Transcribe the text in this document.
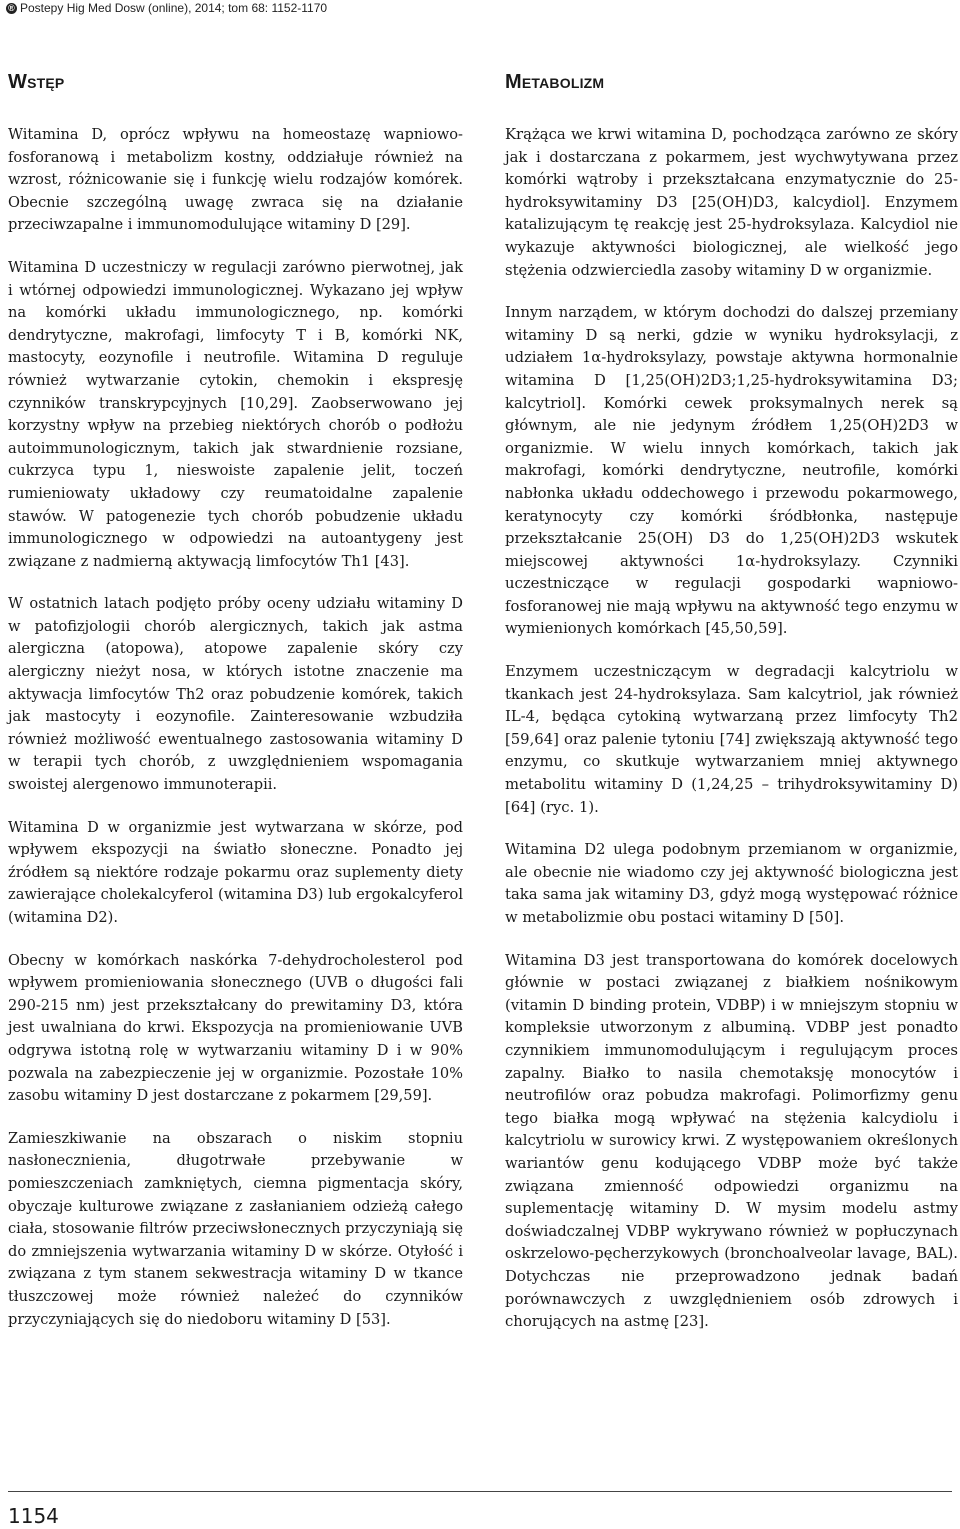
® Postepy Hig Med Dosw (online), 2014; tom 68: 1152-1170
Wstęp

Witamina D, oprócz wpływu na homeostazę wapniowo-fosforanową i metabolizm kostny, oddziałuje również na wzrost, różnicowanie się i funkcję wielu rodzajów komórek. Obecnie szczególną uwagę zwraca się na działanie przeciwzapalne i immunomodulujące witaminy D [29].

Witamina D uczestniczy w regulacji zarówno pierwotnej, jak i wtórnej odpowiedzi immunologicznej. Wykazano jej wpływ na komórki układu immunologicznego, np. komórki dendrytyczne, makrofagi, limfocyty T i B, komórki NK, mastocyty, eozynofile i neutrofile. Witamina D reguluje również wytwarzanie cytokin, chemokin i ekspresję czynników transkrypcyjnych [10,29]. Zaobserwowano jej korzystny wpływ na przebieg niektórych chorób o podłożu autoimmunologicznym, takich jak stwardnienie rozsiane, cukrzyca typu 1, nieswoiste zapalenie jelit, toczeń rumieniowaty układowy czy reumatoidalne zapalenie stawów. W patogenezie tych chorób pobudzenie układu immunologicznego w odpowiedzi na autoantygeny jest związane z nadmierną aktywacją limfocytów Th1 [43].

W ostatnich latach podjęto próby oceny udziału witaminy D w patofizjologii chorób alergicznych, takich jak astma alergiczna (atopowa), atopowe zapalenie skóry czy alergiczny nieżyt nosa, w których istotne znaczenie ma aktywacja limfocytów Th2 oraz pobudzenie komórek, takich jak mastocyty i eozynofile. Zainteresowanie wzbudziła również możliwość ewentualnego zastosowania witaminy D w terapii tych chorób, z uwzględnieniem wspomagania swoistej alergenowo immunoterapii.

Witamina D w organizmie jest wytwarzana w skórze, pod wpływem ekspozycji na światło słoneczne. Ponadto jej źródłem są niektóre rodzaje pokarmu oraz suplementy diety zawierające cholekalcyferol (witamina D3) lub ergokalcyferol (witamina D2).

Obecny w komórkach naskórka 7-dehydrocholesterol pod wpływem promieniowania słonecznego (UVB o długości fali 290-215 nm) jest przekształcany do prewitaminy D3, która jest uwalniana do krwi. Ekspozycja na promieniowanie UVB odgrywa istotną rolę w wytwarzaniu witaminy D i w 90% pozwala na zabezpieczenie jej w organizmie. Pozostałe 10% zasobu witaminy D jest dostarczane z pokarmem [29,59].

Zamieszkiwanie na obszarach o niskim stopniu nasłonecznienia, długotrwałe przebywanie w pomieszczeniach zamkniętych, ciemna pigmentacja skóry, obyczaje kulturowe związane z zasłanianiem odzieżą całego ciała, stosowanie filtrów przeciwsłonecznych przyczyniają się do zmniejszenia wytwarzania witaminy D w skórze. Otyłość i związana z tym stanem sekwestracja witaminy D w tkance tłuszczowej może również należeć do czynników przyczyniających się do niedoboru witaminy D [53].

Metabolizm

Krążąca we krwi witamina D, pochodząca zarówno ze skóry jak i dostarczana z pokarmem, jest wychwytywana przez komórki wątroby i przekształcana enzymatycznie do 25-hydroksywitaminy D3 [25(OH)D3, kalcydiol]. Enzymem katalizującym tę reakcję jest 25-hydroksylaza. Kalcydiol nie wykazuje aktywności biologicznej, ale wielkość jego stężenia odzwierciedla zasoby witaminy D w organizmie.

Innym narządem, w którym dochodzi do dalszej przemiany witaminy D są nerki, gdzie w wyniku hydroksylacji, z udziałem 1α-hydroksylazy, powstaje aktywna hormonalnie witamina D [1,25(OH)2D3;1,25-hydroksywitamina D3; kalcytriol]. Komórki cewek proksymalnych nerek są głównym, ale nie jedynym źródłem 1,25(OH)2D3 w organizmie. W wielu innych komórkach, takich jak makrofagi, komórki dendrytyczne, neutrofile, komórki nabłonka układu oddechowego i przewodu pokarmowego, keratynocyty czy komórki śródbłonka, następuje przekształcanie 25(OH) D3 do 1,25(OH)2D3 wskutek miejscowej aktywności 1α-hydroksylazy. Czynniki uczestniczące w regulacji gospodarki wapniowo-fosforanowej nie mają wpływu na aktywność tego enzymu w wymienionych komórkach [45,50,59].

Enzymem uczestniczącym w degradacji kalcytriolu w tkankach jest 24-hydroksylaza. Sam kalcytriol, jak również IL-4, będąca cytokiną wytwarzaną przez limfocyty Th2 [59,64] oraz palenie tytoniu [74] zwiększają aktywność tego enzymu, co skutkuje wytwarzaniem mniej aktywnego metabolitu witaminy D (1,24,25 – trihydroksywitaminy D) [64] (ryc. 1).

Witamina D2 ulega podobnym przemianom w organizmie, ale obecnie nie wiadomo czy jej aktywność biologiczna jest taka sama jak witaminy D3, gdyż mogą występować różnice w metabolizmie obu postaci witaminy D [50].

Witamina D3 jest transportowana do komórek docelowych głównie w postaci związanej z białkiem nośnikowym (vitamin D binding protein, VDBP) i w mniejszym stopniu w kompleksie utworzonym z albuminą. VDBP jest ponadto czynnikiem immunomodulującym i regulującym proces zapalny. Białko to nasila chemotaksję monocytów i neutrofilów oraz pobudza makrofagi. Polimorfizmy genu tego białka mogą wpływać na stężenia kalcydiolu i kalcytriolu w surowicy krwi. Z występowaniem określonych wariantów genu kodującego VDBP może być także związana zmienność odpowiedzi organizmu na suplementację witaminy D. W mysim modelu astmy doświadczalnej VDBP wykrywano również w popłuczynach oskrzelowo-pęcherzykowych (bronchoalveolar lavage, BAL). Dotychczas nie przeprowadzono jednak badań porównawczych z uwzględnieniem osób zdrowych i chorujących na astmę [23].

1154
